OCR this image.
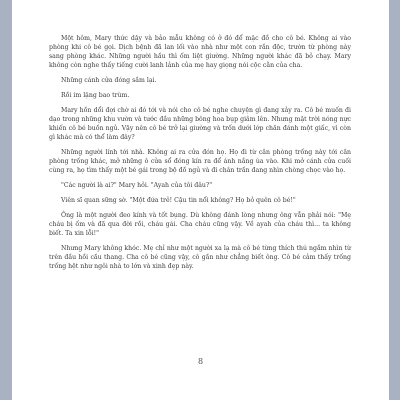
Một hôm, Mary thức dậy và bảo mẫu không có ở đó để mặc đồ cho cô bé. Không ai vào phòng khi cô bé gọi. Dịch bệnh đã lan lối vào nhà như một con rắn độc, trườn từ phòng này sang phòng khác. Những người hầu thì ốm liệt giường. Những người khác đã bỏ chạy. Mary không còn nghe thấy tiếng cười lanh lảnh của mẹ hay giọng nói cộc cằn của cha.

Những cánh cửa đóng sầm lại.

Rồi im lặng bao trùm.

Mary hồn dổi đợi chờ ai đó tới và nói cho cô bé nghe chuyện gì đang xảy ra. Cô bé muốn đi dạo trong những khu vườn và tước đầu những bông hoa bụp giâm lên. Nhưng mặt trời nóng nực khiến cô bé buồn ngủ. Vậy nên cô bé trở lại giường và trốn dưới lớp chăn đánh một giấc, vì còn gì khác mà có thể làm đây?

Những người lính tới nhà. Không ai ra cửa đón họ. Họ đi từ căn phòng trống này tới căn phòng trống khác, mở những ô cửa sổ đóng kín ra để ánh nắng ùa vào. Khi mở cánh cửa cuối cùng ra, họ tìm thấy một bé gái trong bộ đồ ngủ và đi chân trần đang nhìn chòng chọc vào họ.

"Các người là ai?" Mary hỏi. "Ayah của tôi đâu?"

Viên sĩ quan sững sờ. "Một đứa trẻ! Cậu tin nổi không? Họ bỏ quên cô bé!"

Ông là một người đeo kính và tốt bụng. Dù không đánh lòng nhưng ông vẫn phải nói: "Mẹ cháu bị ốm và đã qua đời rồi, cháu gái. Cha cháu cũng vậy. Về ayah của cháu thì... ta không biết. Ta xin lỗi!"

Nhưng Mary không khóc. Mẹ chỉ như một người xa lạ mà cô bé từng thích thú ngắm nhìn từ trên đầu hồi cầu thang. Cha cô bé cũng vậy, cô gần như chẳng biết ông. Cô bé cảm thấy trống trống hệt như ngôi nhà to lớn và xinh đẹp này.

8
